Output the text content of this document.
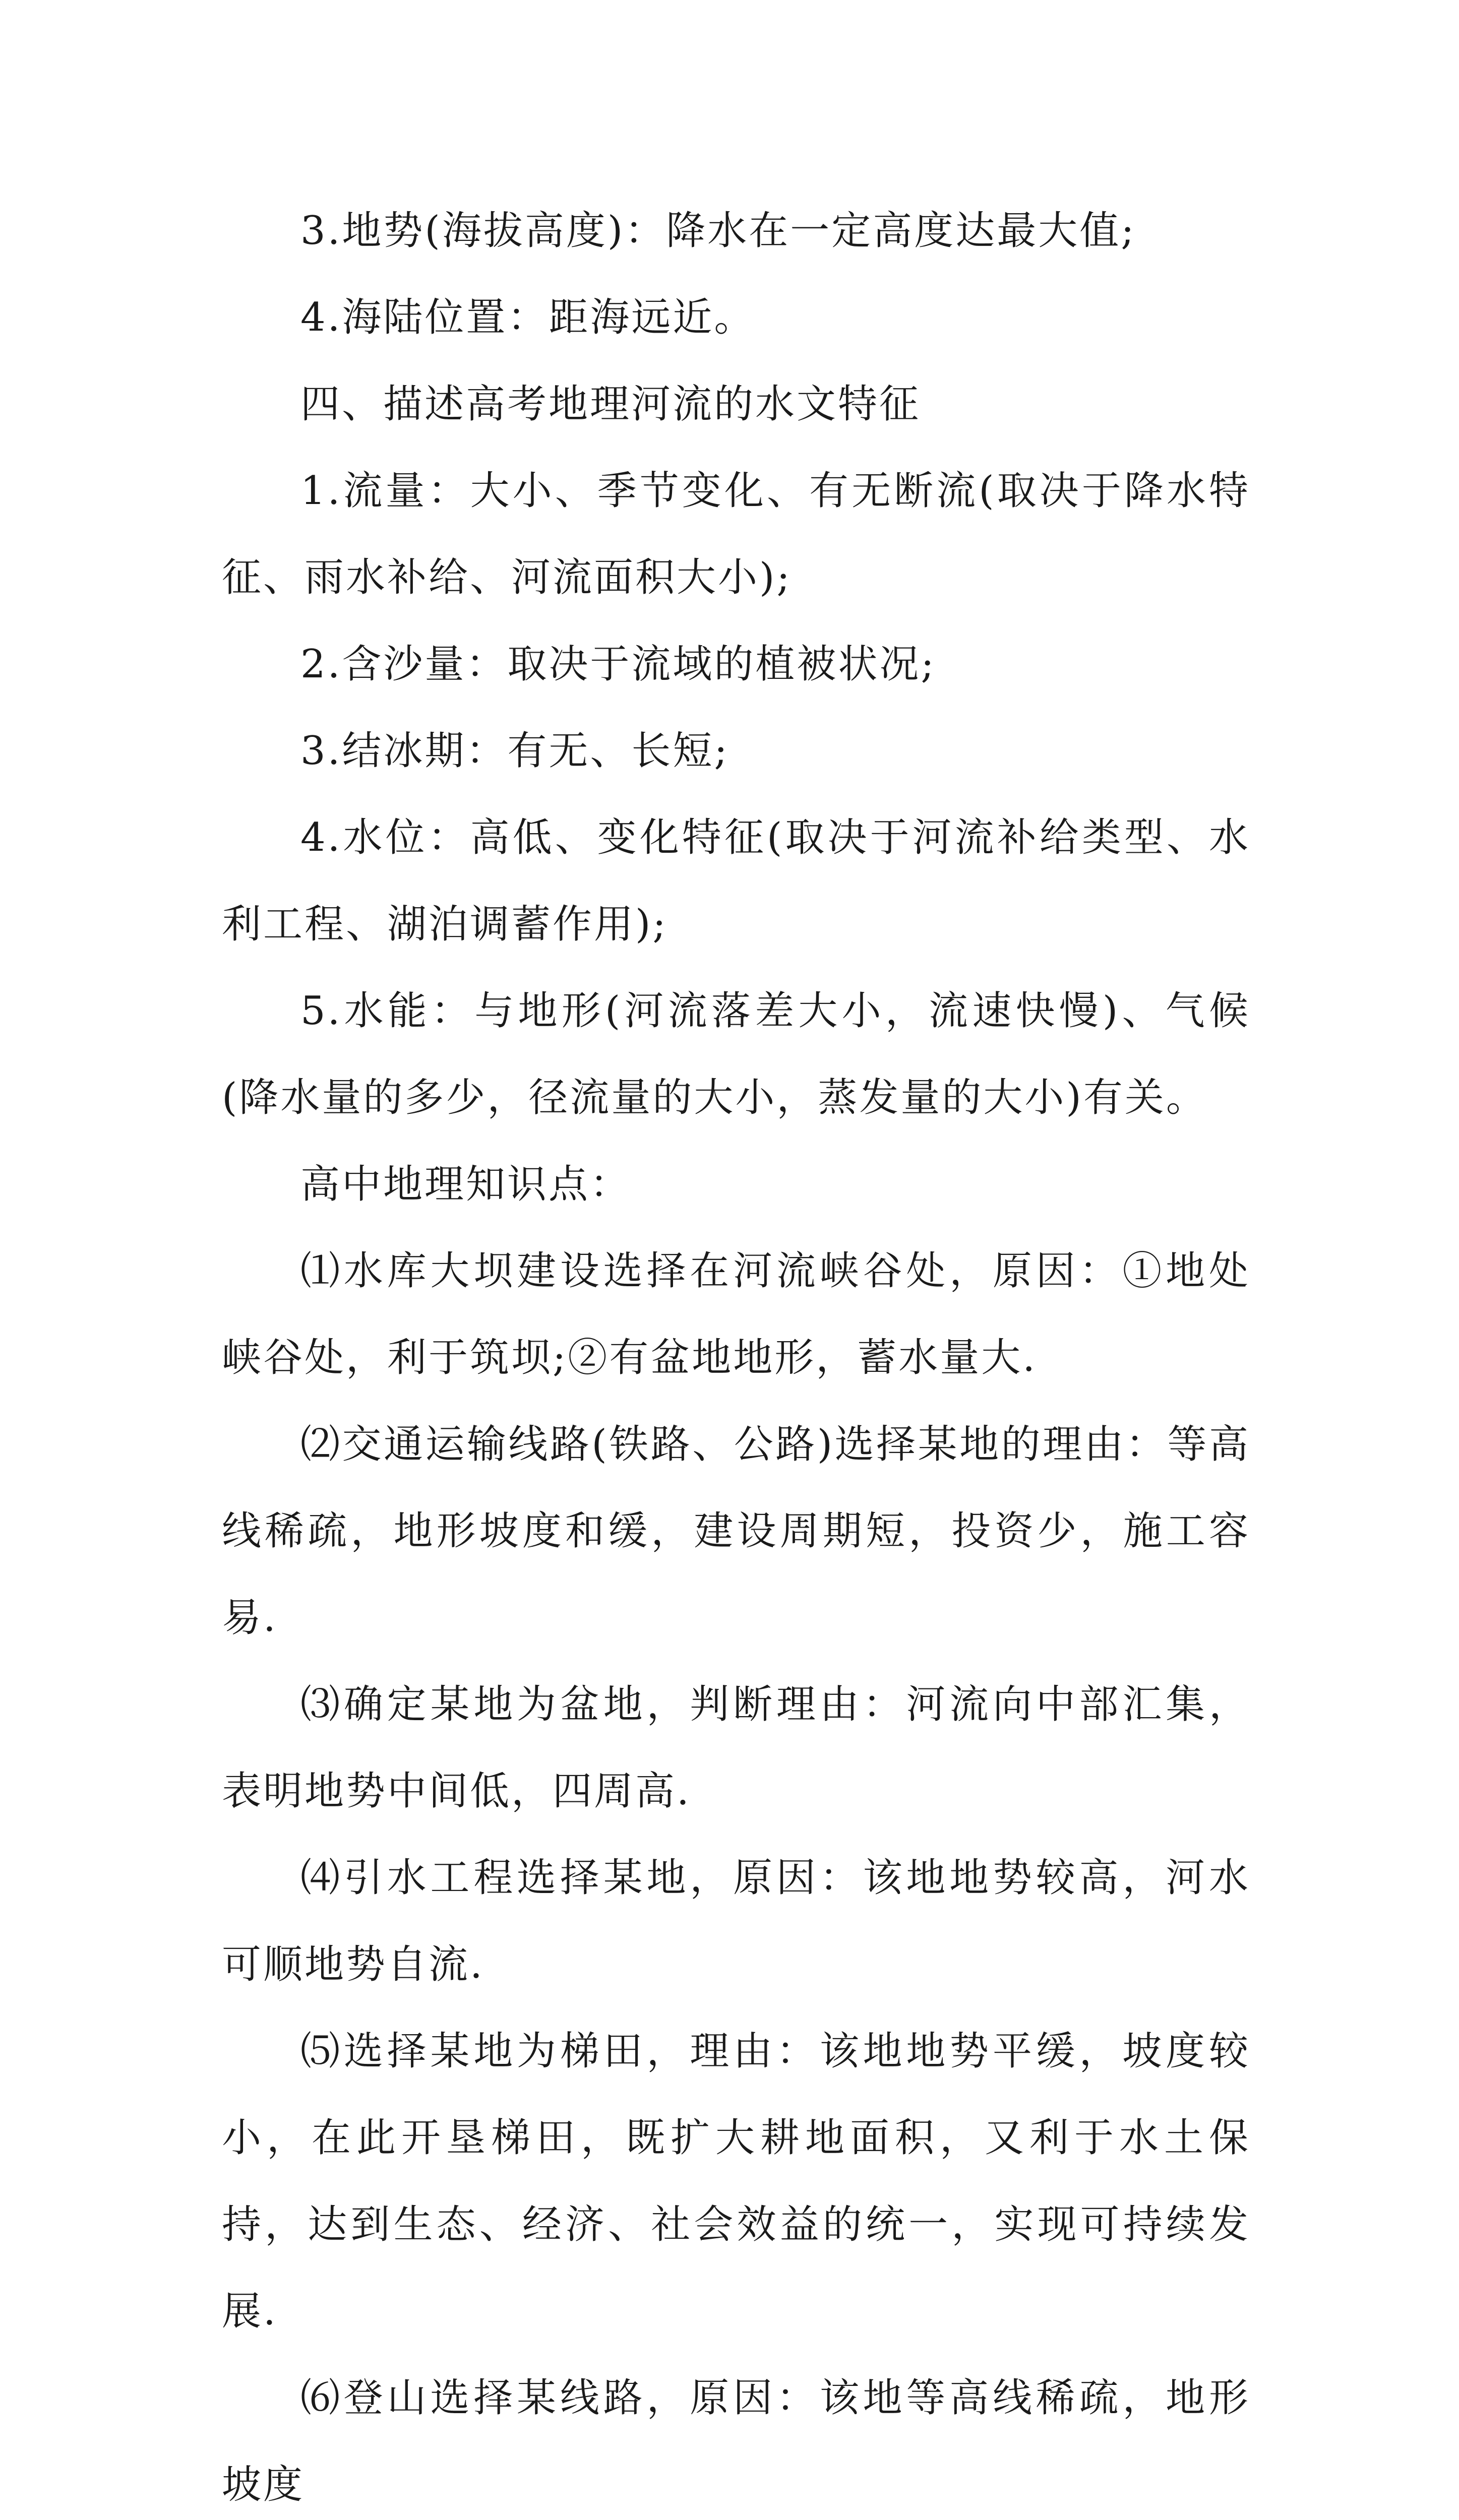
3.地势(海拔高度)：降水在一定高度达最大值;

4.海陆位置：距海远近。

四、描述高考地理河流的水文特征

1.流量：大小、季节变化、有无断流(取决于降水特征、雨水补给、河流面积大小);

2.含沙量：取决于流域的植被状况;

3.结冰期：有无、长短;

4.水位：高低、变化特征(取决于河流补给类型、水利工程、湖泊调蓄作用);

5.水能：与地形(河流落差大小，流速快慢)、气候(降水量的多少，径流量的大小，蒸发量的大小)有关。

高中地理知识点：

⑴水库大坝建设选择在河流峡谷处，原因：①地处峡谷处，利于筑坝;②有盆地地形，蓄水量大.

⑵交通运输线路(铁路、公路)选择某地的理由：等高线稀疏，地形坡度和缓，建设周期短，投资少，施工容易.

⑶确定某地为盆地，判断理由：河流向中部汇集，表明地势中间低，四周高.

⑷引水工程选择某地，原因：该地地势较高，河水可顺地势自流.

⑸选择某地为梯田，理由：该地地势平缓，坡度较小，在此开垦梯田，既扩大耕地面积，又利于水土保持，达到生态、经济、社会效益的统一，实现可持续发展.

⑹登山选择某线路，原因：该地等高线稀疏，地形坡度
